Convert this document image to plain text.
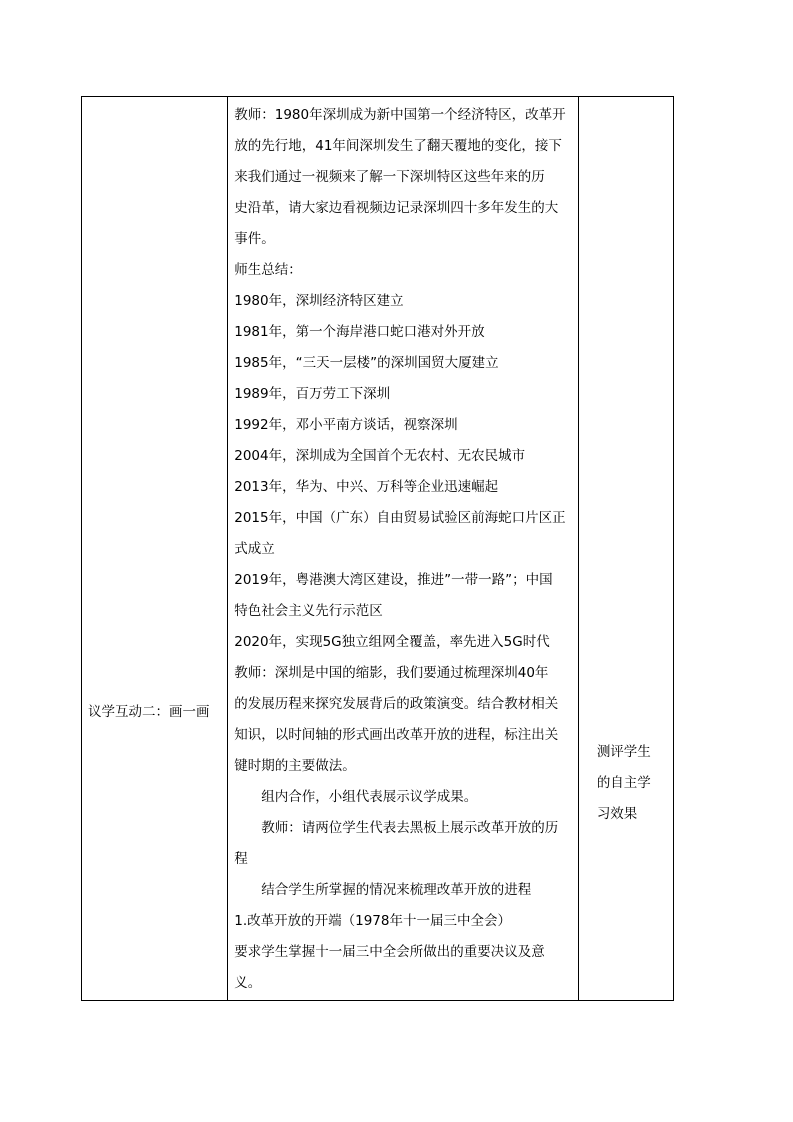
议学互动二：画一画

教师：1980年深圳成为新中国第一个经济特区，改革开
放的先行地，41年间深圳发生了翻天覆地的变化，接下
来我们通过一视频来了解一下深圳特区这些年来的历
史沿革，请大家边看视频边记录深圳四十多年发生的大
事件。
师生总结：
1980年，深圳经济特区建立
1981年，第一个海岸港口蛇口港对外开放
1985年，“三天一层楼”的深圳国贸大厦建立
1989年，百万劳工下深圳
1992年，邓小平南方谈话，视察深圳
2004年，深圳成为全国首个无农村、无农民城市
2013年，华为、中兴、万科等企业迅速崛起
2015年，中国（广东）自由贸易试验区前海蛇口片区正
式成立
2019年，粤港澳大湾区建设，推进”一带一路”；中国
特色社会主义先行示范区
2020年，实现5G独立组网全覆盖，率先进入5G时代
教师：深圳是中国的缩影，我们要通过梳理深圳40年
的发展历程来探究发展背后的政策演变。结合教材相关
知识，以时间轴的形式画出改革开放的进程，标注出关
键时期的主要做法。
组内合作，小组代表展示议学成果。
教师：请两位学生代表去黑板上展示改革开放的历
程
结合学生所掌握的情况来梳理改革开放的进程
1.改革开放的开端（1978年十一届三中全会）
要求学生掌握十一届三中全会所做出的重要决议及意
义。

测评学生的自主学习效果
